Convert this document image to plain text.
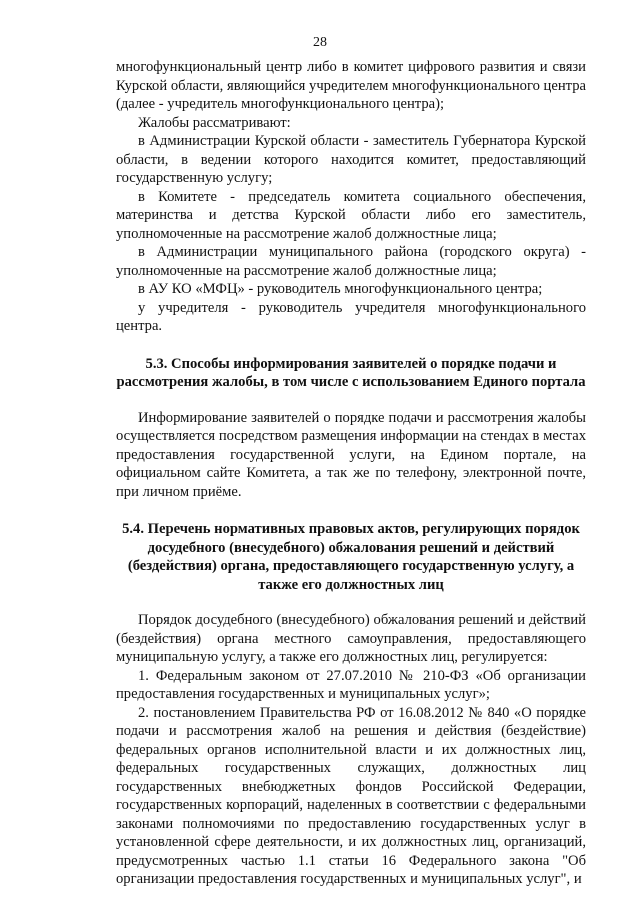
28

многофункциональный центр либо в комитет цифрового развития и связи Курской области, являющийся учредителем многофункционального центра (далее - учредитель многофункционального центра);

Жалобы рассматривают:

в Администрации Курской области - заместитель Губернатора Курской области, в ведении которого находится комитет, предоставляющий государственную услугу;

в Комитете - председатель комитета социального обеспечения, материнства и детства Курской области либо его заместитель, уполномоченные на рассмотрение жалоб должностные лица;

в Администрации муниципального района (городского округа) - уполномоченные на рассмотрение жалоб должностные лица;

в АУ КО «МФЦ» - руководитель многофункционального центра;

у учредителя - руководитель учредителя многофункционального центра.

5.3. Способы информирования заявителей о порядке подачи и рассмотрения жалобы, в том числе с использованием Единого портала

Информирование заявителей о порядке подачи и рассмотрения жалобы осуществляется посредством размещения информации на стендах в местах предоставления государственной услуги, на Едином портале, на официальном сайте Комитета, а так же по телефону, электронной почте, при личном приёме.

5.4. Перечень нормативных правовых актов, регулирующих порядок досудебного (внесудебного) обжалования решений и действий (бездействия) органа, предоставляющего государственную услугу, а также его должностных лиц

Порядок досудебного (внесудебного) обжалования решений и действий (бездействия) органа местного самоуправления, предоставляющего муниципальную услугу, а также его должностных лиц, регулируется:

1. Федеральным законом от 27.07.2010 № 210-ФЗ «Об организации предоставления государственных и муниципальных услуг»;

2. постановлением Правительства РФ от 16.08.2012 № 840 «О порядке подачи и рассмотрения жалоб на решения и действия (бездействие) федеральных органов исполнительной власти и их должностных лиц, федеральных государственных служащих, должностных лиц государственных внебюджетных фондов Российской Федерации, государственных корпораций, наделенных в соответствии с федеральными законами полномочиями по предоставлению государственных услуг в установленной сфере деятельности, и их должностных лиц, организаций, предусмотренных частью 1.1 статьи 16 Федерального закона "Об организации предоставления государственных и муниципальных услуг", и
